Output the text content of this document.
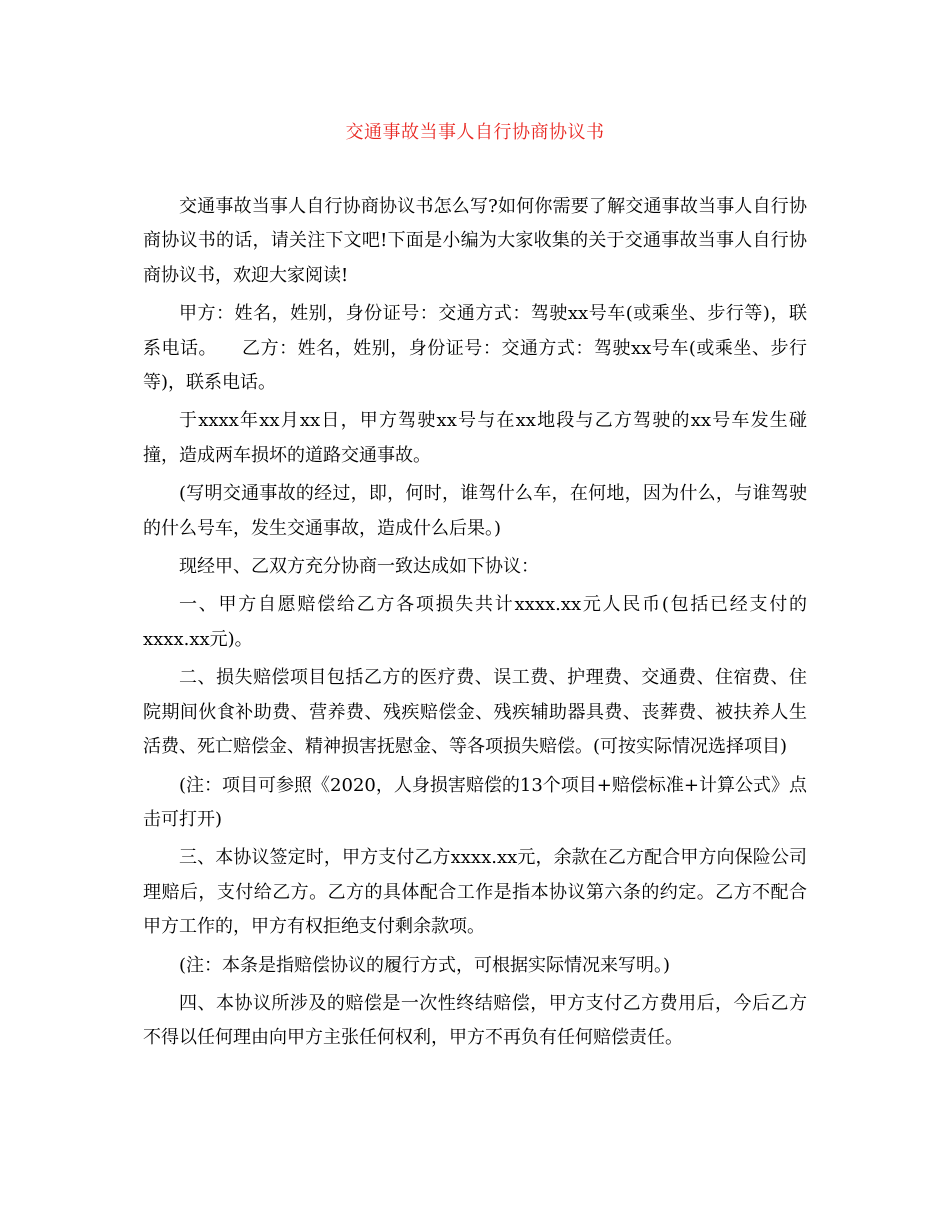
交通事故当事人自行协商协议书

交通事故当事人自行协商协议书怎么写?如何你需要了解交通事故当事人自行协商协议书的话，请关注下文吧!下面是小编为大家收集的关于交通事故当事人自行协商协议书，欢迎大家阅读!

甲方：姓名，姓别，身份证号：交通方式：驾驶xx号车(或乘坐、步行等)，联系电话。    乙方：姓名，姓别，身份证号：交通方式：驾驶xx号车(或乘坐、步行等)，联系电话。

于xxxx年xx月xx日，甲方驾驶xx号与在xx地段与乙方驾驶的xx号车发生碰撞，造成两车损坏的道路交通事故。

(写明交通事故的经过，即，何时，谁驾什么车，在何地，因为什么，与谁驾驶的什么号车，发生交通事故，造成什么后果。)

现经甲、乙双方充分协商一致达成如下协议：

一、甲方自愿赔偿给乙方各项损失共计xxxx.xx元人民币(包括已经支付的xxxx.xx元)。

二、损失赔偿项目包括乙方的医疗费、误工费、护理费、交通费、住宿费、住院期间伙食补助费、营养费、残疾赔偿金、残疾辅助器具费、丧葬费、被扶养人生活费、死亡赔偿金、精神损害抚慰金、等各项损失赔偿。(可按实际情况选择项目)

(注：项目可参照《2020，人身损害赔偿的13个项目+赔偿标准+计算公式》点击可打开)

三、本协议签定时，甲方支付乙方xxxx.xx元，余款在乙方配合甲方向保险公司理赔后，支付给乙方。乙方的具体配合工作是指本协议第六条的约定。乙方不配合甲方工作的，甲方有权拒绝支付剩余款项。

(注：本条是指赔偿协议的履行方式，可根据实际情况来写明。)

四、本协议所涉及的赔偿是一次性终结赔偿，甲方支付乙方费用后，今后乙方不得以任何理由向甲方主张任何权利，甲方不再负有任何赔偿责任。
